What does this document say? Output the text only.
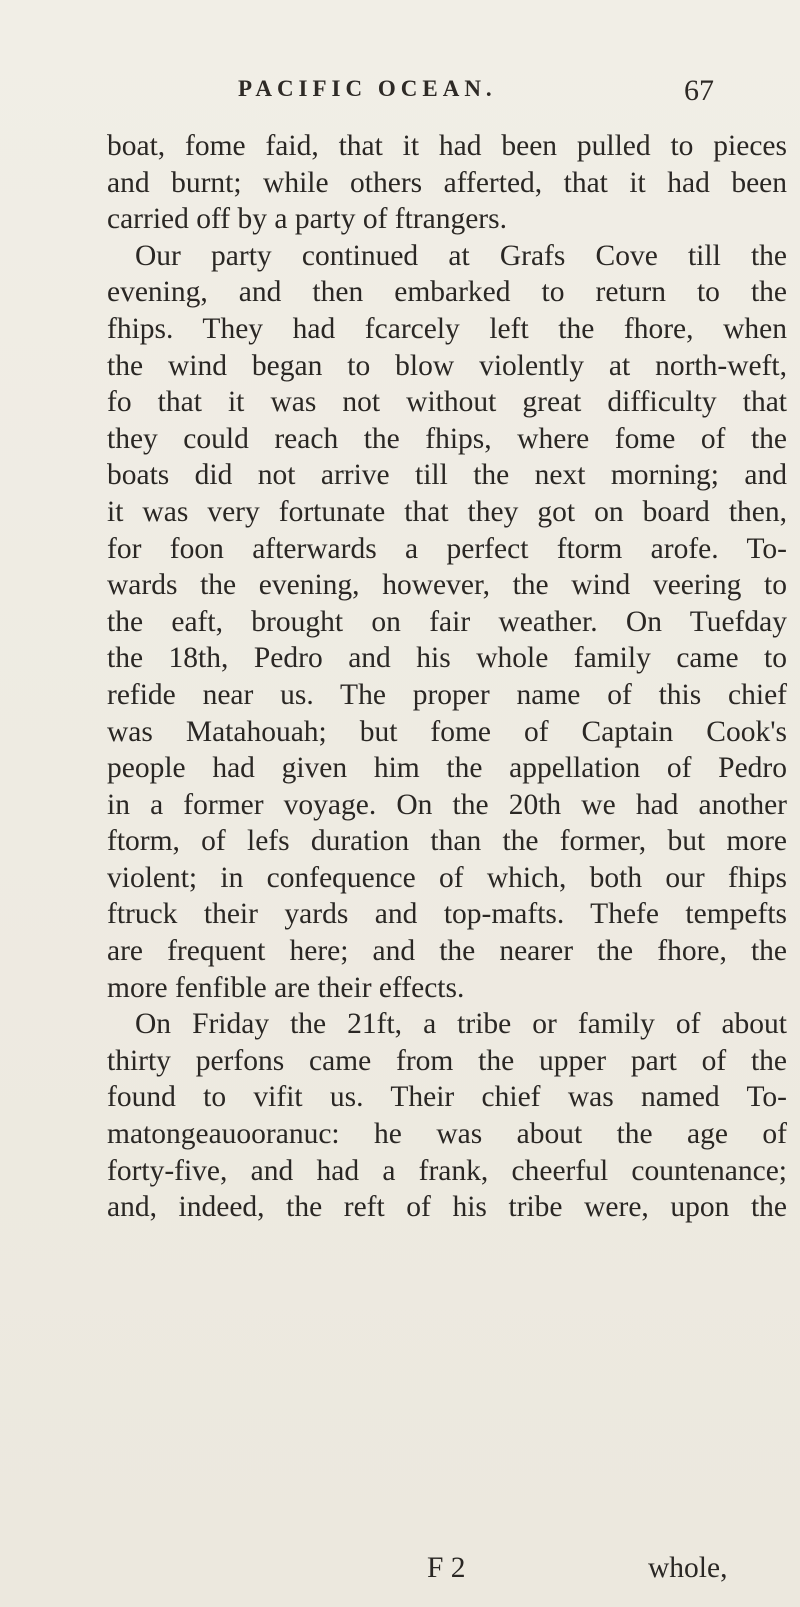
PACIFIC OCEAN.	67
boat, fome faid, that it had been pulled to pieces
and burnt; while others afferted, that it had been
carried off by a party of ftrangers.
Our party continued at Grafs Cove till the
evening, and then embarked to return to the
fhips. They had fcarcely left the fhore, when
the wind began to blow violently at north-weft,
fo that it was not without great difficulty that
they could reach the fhips, where fome of the
boats did not arrive till the next morning; and
it was very fortunate that they got on board then,
for foon afterwards a perfect ftorm arofe. To-
wards the evening, however, the wind veering to
the eaft, brought on fair weather. On Tuefday
the 18th, Pedro and his whole family came to
refide near us. The proper name of this chief
was Matahouah; but fome of Captain Cook's
people had given him the appellation of Pedro
in a former voyage. On the 20th we had another
ftorm, of lefs duration than the former, but more
violent; in confequence of which, both our fhips
ftruck their yards and top-mafts. Thefe tempefts
are frequent here; and the nearer the fhore, the
more fenfible are their effects.
On Friday the 21ft, a tribe or family of about
thirty perfons came from the upper part of the
found to vifit us. Their chief was named To-
matongeauooranuc: he was about the age of
forty-five, and had a frank, cheerful countenance;
and, indeed, the reft of his tribe were, upon the
F 2	whole,
